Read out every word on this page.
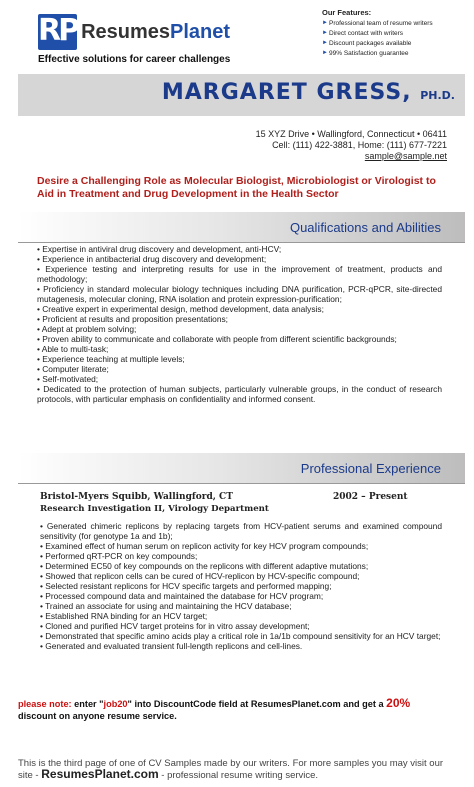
RP ResumesPlanet
Effective solutions for career challenges
Our Features:
► Professional team of resume writers
► Direct contact with writers
► Discount packages available
► 99% Satisfaction guarantee
MARGARET GRESS, PH.D.
15 XYZ Drive • Wallingford, Connecticut • 06411
Cell: (111) 422-3881, Home: (111) 677-7221
sample@sample.net
Desire a Challenging Role as Molecular Biologist, Microbiologist or Virologist to Aid in Treatment and Drug Development in the Health Sector
Qualifications and Abilities

• Expertise in antiviral drug discovery and development, anti-HCV;

• Experience in antibacterial drug discovery and development;

• Experience testing and interpreting results for use in the improvement of treatment, products and methodology;

• Proficiency in standard molecular biology techniques including DNA purification, PCR-qPCR, site-directed mutagenesis, molecular cloning, RNA isolation and protein expression-purification;

• Creative expert in experimental design, method development, data analysis;

• Proficient at results and proposition presentations;

• Adept at problem solving;

• Proven ability to communicate and collaborate with people from different scientific backgrounds;

• Able to multi-task;

• Experience teaching at multiple levels;

• Computer literate;

• Self-motivated;

• Dedicated to the protection of human subjects, particularly vulnerable groups, in the conduct of research protocols, with particular emphasis on confidentiality and informed consent.

Professional Experience
Bristol-Myers Squibb, Wallingford, CT	2002 – Present
Research Investigation II, Virology Department

• Generated chimeric replicons by replacing targets from HCV-patient serums and examined compound sensitivity (for genotype 1a and 1b);

• Examined effect of human serum on replicon activity for key HCV program compounds;

• Performed qRT-PCR on key compounds;

• Determined EC50 of key compounds on the replicons with different adaptive mutations;

• Showed that replicon cells can be cured of HCV-replicon by HCV-specific compound;

• Selected resistant replicons for HCV specific targets and performed mapping;

• Processed compound data and maintained the database for HCV program;

• Trained an associate for using and maintaining the HCV database;

• Established RNA binding for an HCV target;

• Cloned and purified HCV target proteins for in vitro assay development;

• Demonstrated that specific amino acids play a critical role in 1a/1b compound sensitivity for an HCV target;

• Generated and evaluated transient full-length replicons and cell-lines.

please note: enter "job20" into DiscountCode field at ResumesPlanet.com and get a 20% discount on anyone resume service.
This is the third page of one of CV Samples made by our writers. For more samples you may visit our site - ResumesPlanet.com - professional resume writing service.
